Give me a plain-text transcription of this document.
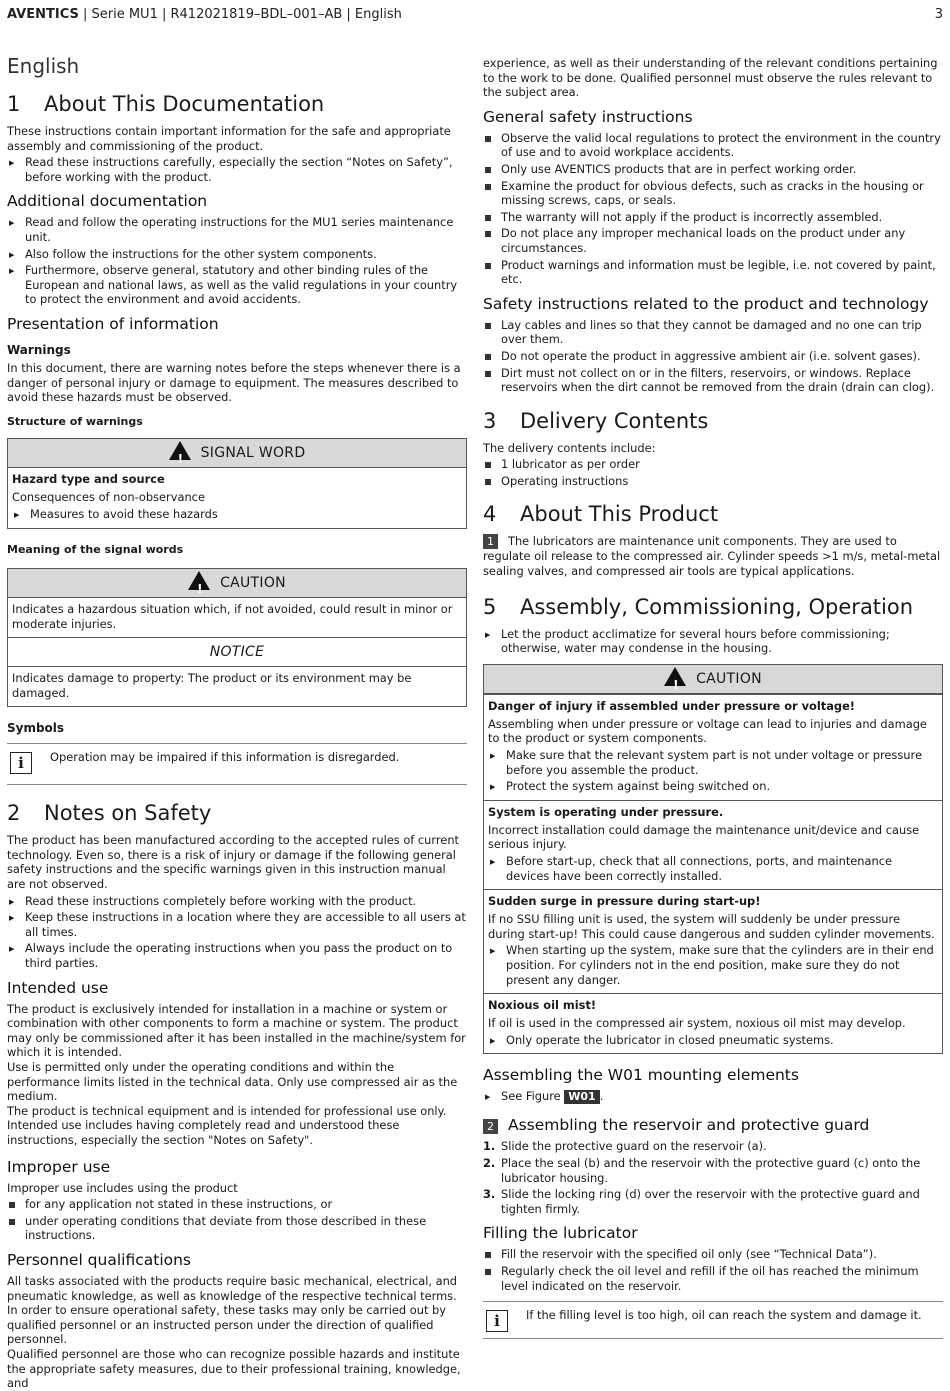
AVENTICS | Serie MU1 | R412021819–BDL–001–AB | English	3
English
1 About This Documentation

These instructions contain important information for the safe and appropriate assembly and commissioning of the product.

▶ Read these instructions carefully, especially the section “Notes on Safety”, before working with the product.
Additional documentation
▶ Read and follow the operating instructions for the MU1 series maintenance unit.
▶ Also follow the instructions for the other system components.
▶ Furthermore, observe general, statutory and other binding rules of the European and national laws, as well as the valid regulations in your country to protect the environment and avoid accidents.
Presentation of information
Warnings

In this document, there are warning notes before the steps whenever there is a danger of personal injury or damage to equipment. The measures described to avoid these hazards must be observed.

Structure of warnings
!SIGNAL WORD
Hazard type and source

Consequences of non-observance

▶ Measures to avoid these hazards
Meaning of the signal words
!CAUTION

Indicates a hazardous situation which, if not avoided, could result in minor or moderate injuries.

NOTICE

Indicates damage to property: The product or its environment may be damaged.

Symbols
i	Operation may be impaired if this information is disregarded.

2 Notes on Safety

The product has been manufactured according to the accepted rules of current technology. Even so, there is a risk of injury or damage if the following general safety instructions and the specific warnings given in this instruction manual are not observed.

▶ Read these instructions completely before working with the product.
▶ Keep these instructions in a location where they are accessible to all users at all times.
▶ Always include the operating instructions when you pass the product on to third parties.
Intended use

The product is exclusively intended for installation in a machine or system or combination with other components to form a machine or system. The product may only be commissioned after it has been installed in the machine/system for which it is intended.

Use is permitted only under the operating conditions and within the performance limits listed in the technical data. Only use compressed air as the medium.

The product is technical equipment and is intended for professional use only.

Intended use includes having completely read and understood these instructions, especially the section "Notes on Safety".

Improper use

Improper use includes using the product

for any application not stated in these instructions, or
under operating conditions that deviate from those described in these instructions.
Personnel qualifications

All tasks associated with the products require basic mechanical, electrical, and pneumatic knowledge, as well as knowledge of the respective technical terms. In order to ensure operational safety, these tasks may only be carried out by qualified personnel or an instructed person under the direction of qualified personnel.

Qualified personnel are those who can recognize possible hazards and institute the appropriate safety measures, due to their professional training, knowledge, and

experience, as well as their understanding of the relevant conditions pertaining to the work to be done. Qualified personnel must observe the rules relevant to the subject area.

General safety instructions
Observe the valid local regulations to protect the environment in the country of use and to avoid workplace accidents.
Only use AVENTICS products that are in perfect working order.
Examine the product for obvious defects, such as cracks in the housing or missing screws, caps, or seals.
The warranty will not apply if the product is incorrectly assembled.
Do not place any improper mechanical loads on the product under any circumstances.
Product warnings and information must be legible, i.e. not covered by paint, etc.
Safety instructions related to the product and technology
Lay cables and lines so that they cannot be damaged and no one can trip over them.
Do not operate the product in aggressive ambient air (i.e. solvent gases).
Dirt must not collect on or in the filters, reservoirs, or windows. Replace reservoirs when the dirt cannot be removed from the drain (drain can clog).
3 Delivery Contents

The delivery contents include:

1 lubricator as per order
Operating instructions
4 About This Product

1 The lubricators are maintenance unit components. They are used to regulate oil release to the compressed air. Cylinder speeds >1 m/s, metal-metal sealing valves, and compressed air tools are typical applications.

5 Assembly, Commissioning, Operation
▶ Let the product acclimatize for several hours before commissioning; otherwise, water may condense in the housing.
!CAUTION
Danger of injury if assembled under pressure or voltage!

Assembling when under pressure or voltage can lead to injuries and damage to the product or system components.

▶ Make sure that the relevant system part is not under voltage or pressure before you assemble the product.
▶ Protect the system against being switched on.
System is operating under pressure.

Incorrect installation could damage the maintenance unit/device and cause serious injury.

▶ Before start-up, check that all connections, ports, and maintenance devices have been correctly installed.
Sudden surge in pressure during start-up!

If no SSU filling unit is used, the system will suddenly be under pressure during start-up! This could cause dangerous and sudden cylinder movements.

▶ When starting up the system, make sure that the cylinders are in their end position. For cylinders not in the end position, make sure they do not present any danger.
Noxious oil mist!

If oil is used in the compressed air system, noxious oil mist may develop.

▶ Only operate the lubricator in closed pneumatic systems.
Assembling the W01 mounting elements
▶ See Figure W01 .
2 Assembling the reservoir and protective guard
1. Slide the protective guard on the reservoir (a).
2. Place the seal (b) and the reservoir with the protective guard (c) onto the lubricator housing.
3. Slide the locking ring (d) over the reservoir with the protective guard and tighten firmly.
Filling the lubricator
Fill the reservoir with the specified oil only (see “Technical Data”).
Regularly check the oil level and refill if the oil has reached the minimum level indicated on the reservoir.
i	If the filling level is too high, oil can reach the system and damage it.
